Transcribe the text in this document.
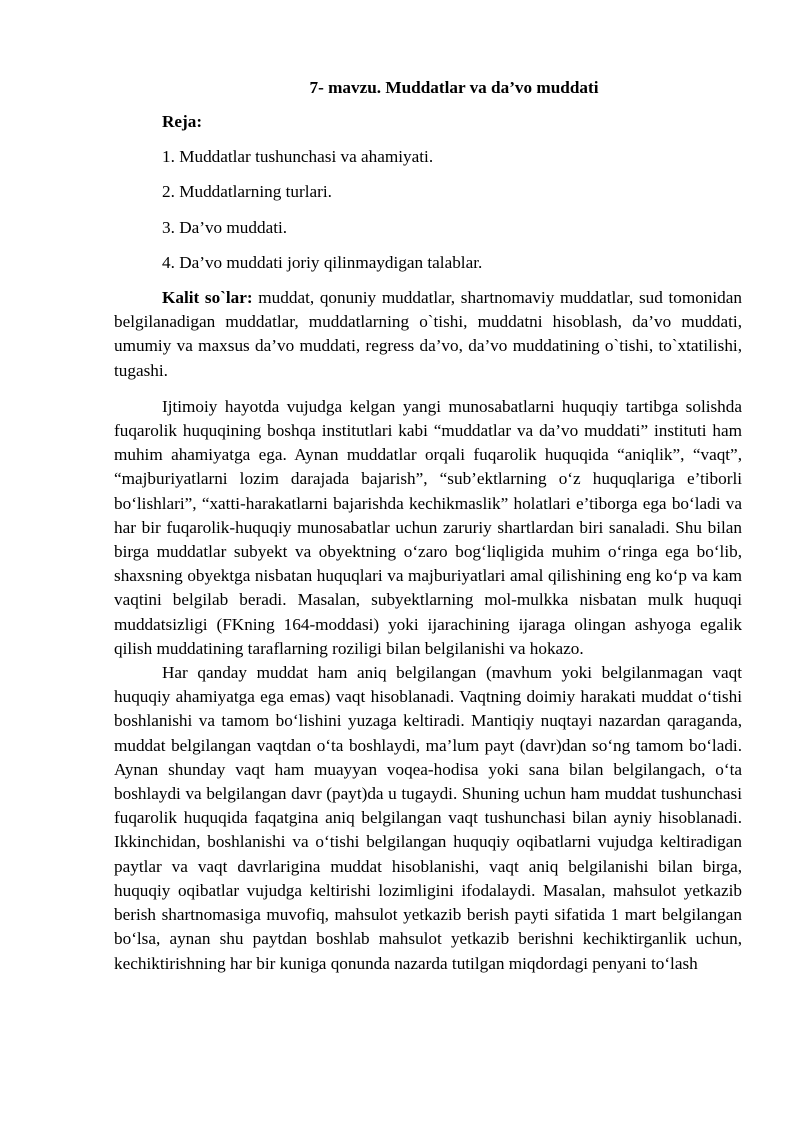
7- mavzu. Muddatlar va da’vo muddati
Reja:
1. Muddatlar tushunchasi va ahamiyati.
2. Muddatlarning turlari.
3. Da’vo muddati.
4. Da’vo muddati joriy qilinmaydigan talablar.

Kalit so`lar: muddat, qonuniy muddatlar, shartnomaviy muddatlar, sud tomonidan belgilanadigan muddatlar, muddatlarning o`tishi, muddatni hisoblash, da’vo muddati, umumiy va maxsus da’vo muddati, regress da’vo, da’vo muddatining o`tishi, to`xtatilishi, tugashi.

Ijtimoiy hayotda vujudga kelgan yangi munosabatlarni huquqiy tartibga solishda fuqarolik huquqining boshqa institutlari kabi “muddatlar va da’vo muddati” instituti ham muhim ahamiyatga ega. Aynan muddatlar orqali fuqarolik huquqida “aniqlik”, “vaqt”, “majburiyatlarni lozim darajada bajarish”, “sub’ektlarning o‘z huquqlariga e’tiborli bo‘lishlari”, “xatti-harakatlarni bajarishda kechikmaslik” holatlari e’tiborga ega bo‘ladi va har bir fuqarolik-huquqiy munosabatlar uchun zaruriy shartlardan biri sanaladi. Shu bilan birga muddatlar subyekt va obyektning o‘zaro bog‘liqligida muhim o‘ringa ega bo‘lib, shaxsning obyektga nisbatan huquqlari va majburiyatlari amal qilishining eng ko‘p va kam vaqtini belgilab beradi. Masalan, subyektlarning mol-mulkka nisbatan mulk huquqi muddatsizligi (FKning 164-moddasi) yoki ijarachining ijaraga olingan ashyoga egalik qilish muddatining taraflarning roziligi bilan belgilanishi va hokazo.

Har qanday muddat ham aniq belgilangan (mavhum yoki belgilanmagan vaqt huquqiy ahamiyatga ega emas) vaqt hisoblanadi. Vaqtning doimiy harakati muddat o‘tishi boshlanishi va tamom bo‘lishini yuzaga keltiradi. Mantiqiy nuqtayi nazardan qaraganda, muddat belgilangan vaqtdan o‘ta boshlaydi, ma’lum payt (davr)dan so‘ng tamom bo‘ladi. Aynan shunday vaqt ham muayyan voqea-hodisa yoki sana bilan belgilangach, o‘ta boshlaydi va belgilangan davr (payt)da u tugaydi. Shuning uchun ham muddat tushunchasi fuqarolik huquqida faqatgina aniq belgilangan vaqt tushunchasi bilan ayniy hisoblanadi. Ikkinchidan, boshlanishi va o‘tishi belgilangan huquqiy oqibatlarni vujudga keltiradigan paytlar va vaqt davrlarigina muddat hisoblanishi, vaqt aniq belgilanishi bilan birga, huquqiy oqibatlar vujudga keltirishi lozimligini ifodalaydi. Masalan, mahsulot yetkazib berish shartnomasiga muvofiq, mahsulot yetkazib berish payti sifatida 1 mart belgilangan bo‘lsa, aynan shu paytdan boshlab mahsulot yetkazib berishni kechiktirganlik uchun, kechiktirishning har bir kuniga qonunda nazarda tutilgan miqdordagi penyani to‘lash
